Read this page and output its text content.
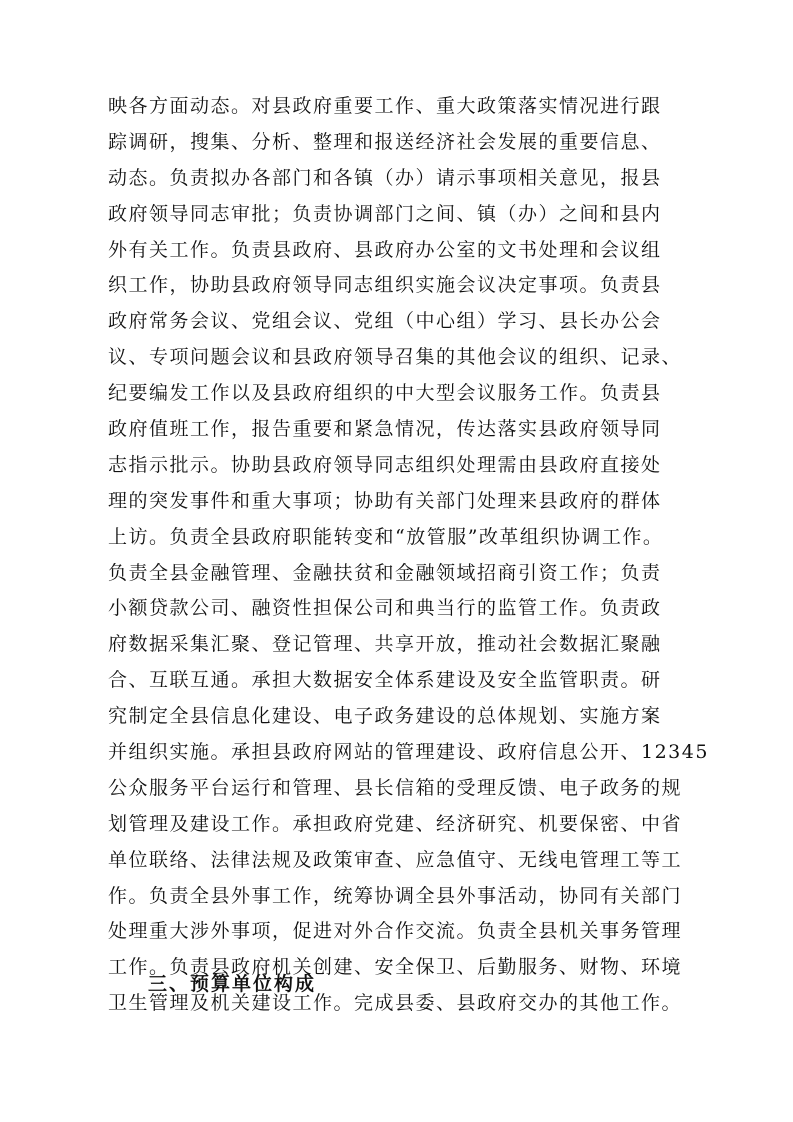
映各方面动态。对县政府重要工作、重大政策落实情况进行跟
踪调研，搜集、分析、整理和报送经济社会发展的重要信息、
动态。负责拟办各部门和各镇（办）请示事项相关意见，报县
政府领导同志审批；负责协调部门之间、镇（办）之间和县内
外有关工作。负责县政府、县政府办公室的文书处理和会议组
织工作，协助县政府领导同志组织实施会议决定事项。负责县
政府常务会议、党组会议、党组（中心组）学习、县长办公会
议、专项问题会议和县政府领导召集的其他会议的组织、记录、
纪要编发工作以及县政府组织的中大型会议服务工作。负责县
政府值班工作，报告重要和紧急情况，传达落实县政府领导同
志指示批示。协助县政府领导同志组织处理需由县政府直接处
理的突发事件和重大事项；协助有关部门处理来县政府的群体
上访。负责全县政府职能转变和“放管服”改革组织协调工作。
负责全县金融管理、金融扶贫和金融领域招商引资工作；负责
小额贷款公司、融资性担保公司和典当行的监管工作。负责政
府数据采集汇聚、登记管理、共享开放，推动社会数据汇聚融
合、互联互通。承担大数据安全体系建设及安全监管职责。研
究制定全县信息化建设、电子政务建设的总体规划、实施方案
并组织实施。承担县政府网站的管理建设、政府信息公开、12345
公众服务平台运行和管理、县长信箱的受理反馈、电子政务的规
划管理及建设工作。承担政府党建、经济研究、机要保密、中省
单位联络、法律法规及政策审查、应急值守、无线电管理工等工
作。负责全县外事工作，统筹协调全县外事活动，协同有关部门
处理重大涉外事项，促进对外合作交流。负责全县机关事务管理
工作。负责县政府机关创建、安全保卫、后勤服务、财物、环境
卫生管理及机关建设工作。完成县委、县政府交办的其他工作。
三、预算单位构成
